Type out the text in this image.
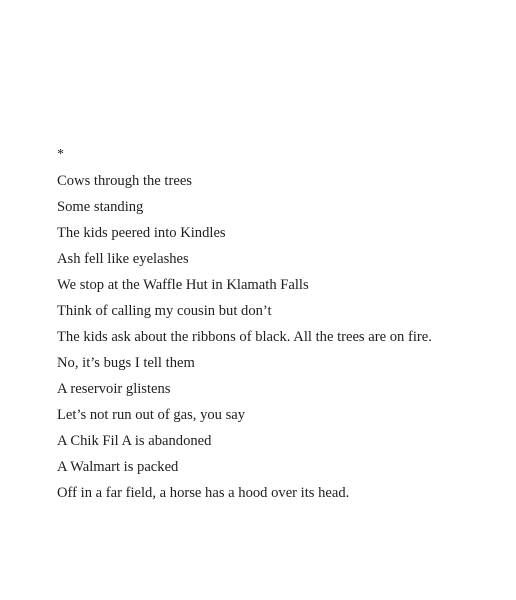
*
Cows through the trees
Some standing
The kids peered into Kindles
Ash fell like eyelashes
We stop at the Waffle Hut in Klamath Falls
Think of calling my cousin but don’t
The kids ask about the ribbons of black. All the trees are on fire.
No, it’s bugs I tell them
A reservoir glistens
Let’s not run out of gas, you say
A Chik Fil A is abandoned
A Walmart is packed
Off in a far field, a horse has a hood over its head.
